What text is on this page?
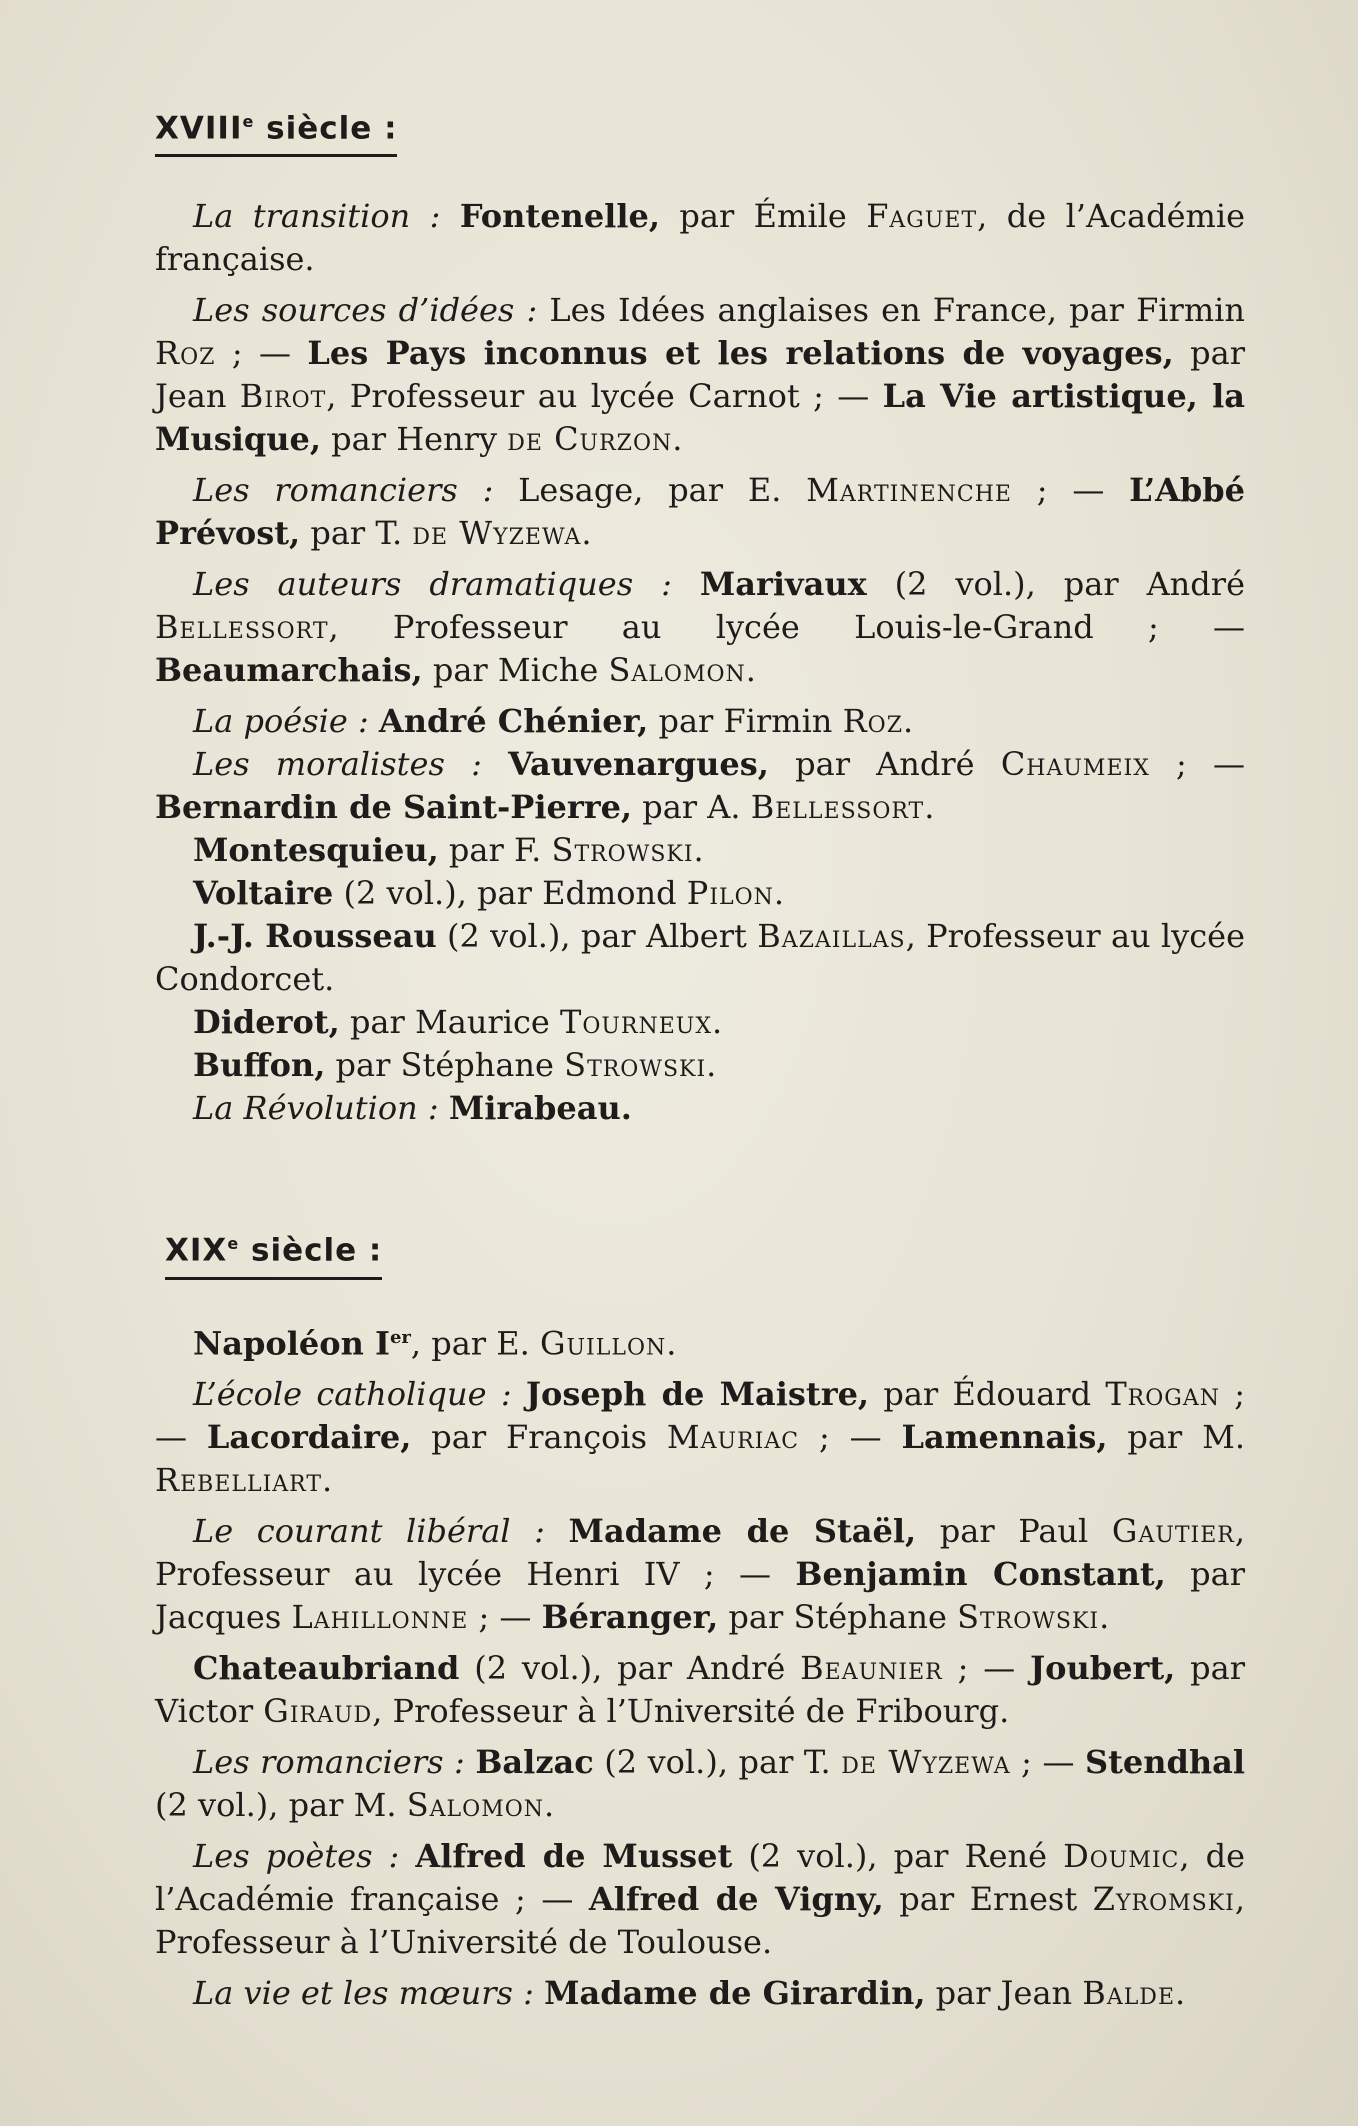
XVIIIe siècle :

La transition : Fontenelle, par Émile Faguet, de l’Académie française.

Les sources d’idées : Les Idées anglaises en France, par Firmin Roz ; — Les Pays inconnus et les relations de voyages, par Jean Birot, Professeur au lycée Carnot ; — La Vie artistique, la Musique, par Henry de Curzon.

Les romanciers : Lesage, par E. Martinenche ; — L’Abbé Prévost, par T. de Wyzewa.

Les auteurs dramatiques : Marivaux (2 vol.), par André Bellessort, Professeur au lycée Louis-le-Grand ; — Beaumarchais, par Miche Salomon.

La poésie : André Chénier, par Firmin Roz.

Les moralistes : Vauvenargues, par André Chaumeix ; — Bernardin de Saint-Pierre, par A. Bellessort.

Montesquieu, par F. Strowski.

Voltaire (2 vol.), par Edmond Pilon.

J.-J. Rousseau (2 vol.), par Albert Bazaillas, Professeur au lycée Condorcet.

Diderot, par Maurice Tourneux.

Buffon, par Stéphane Strowski.

La Révolution : Mirabeau.

XIXe siècle :

Napoléon Ier, par E. Guillon.

L’école catholique : Joseph de Maistre, par Édouard Trogan ; — Lacordaire, par François Mauriac ; — Lamennais, par M. Rebelliart.

Le courant libéral : Madame de Staël, par Paul Gautier, Professeur au lycée Henri IV ; — Benjamin Constant, par Jacques Lahillonne ; — Béranger, par Stéphane Strowski.

Chateaubriand (2 vol.), par André Beaunier ; — Joubert, par Victor Giraud, Professeur à l’Université de Fribourg.

Les romanciers : Balzac (2 vol.), par T. de Wyzewa ; — Stendhal (2 vol.), par M. Salomon.

Les poètes : Alfred de Musset (2 vol.), par René Doumic, de l’Académie française ; — Alfred de Vigny, par Ernest Zyromski, Professeur à l’Université de Toulouse.

La vie et les mœurs : Madame de Girardin, par Jean Balde.
